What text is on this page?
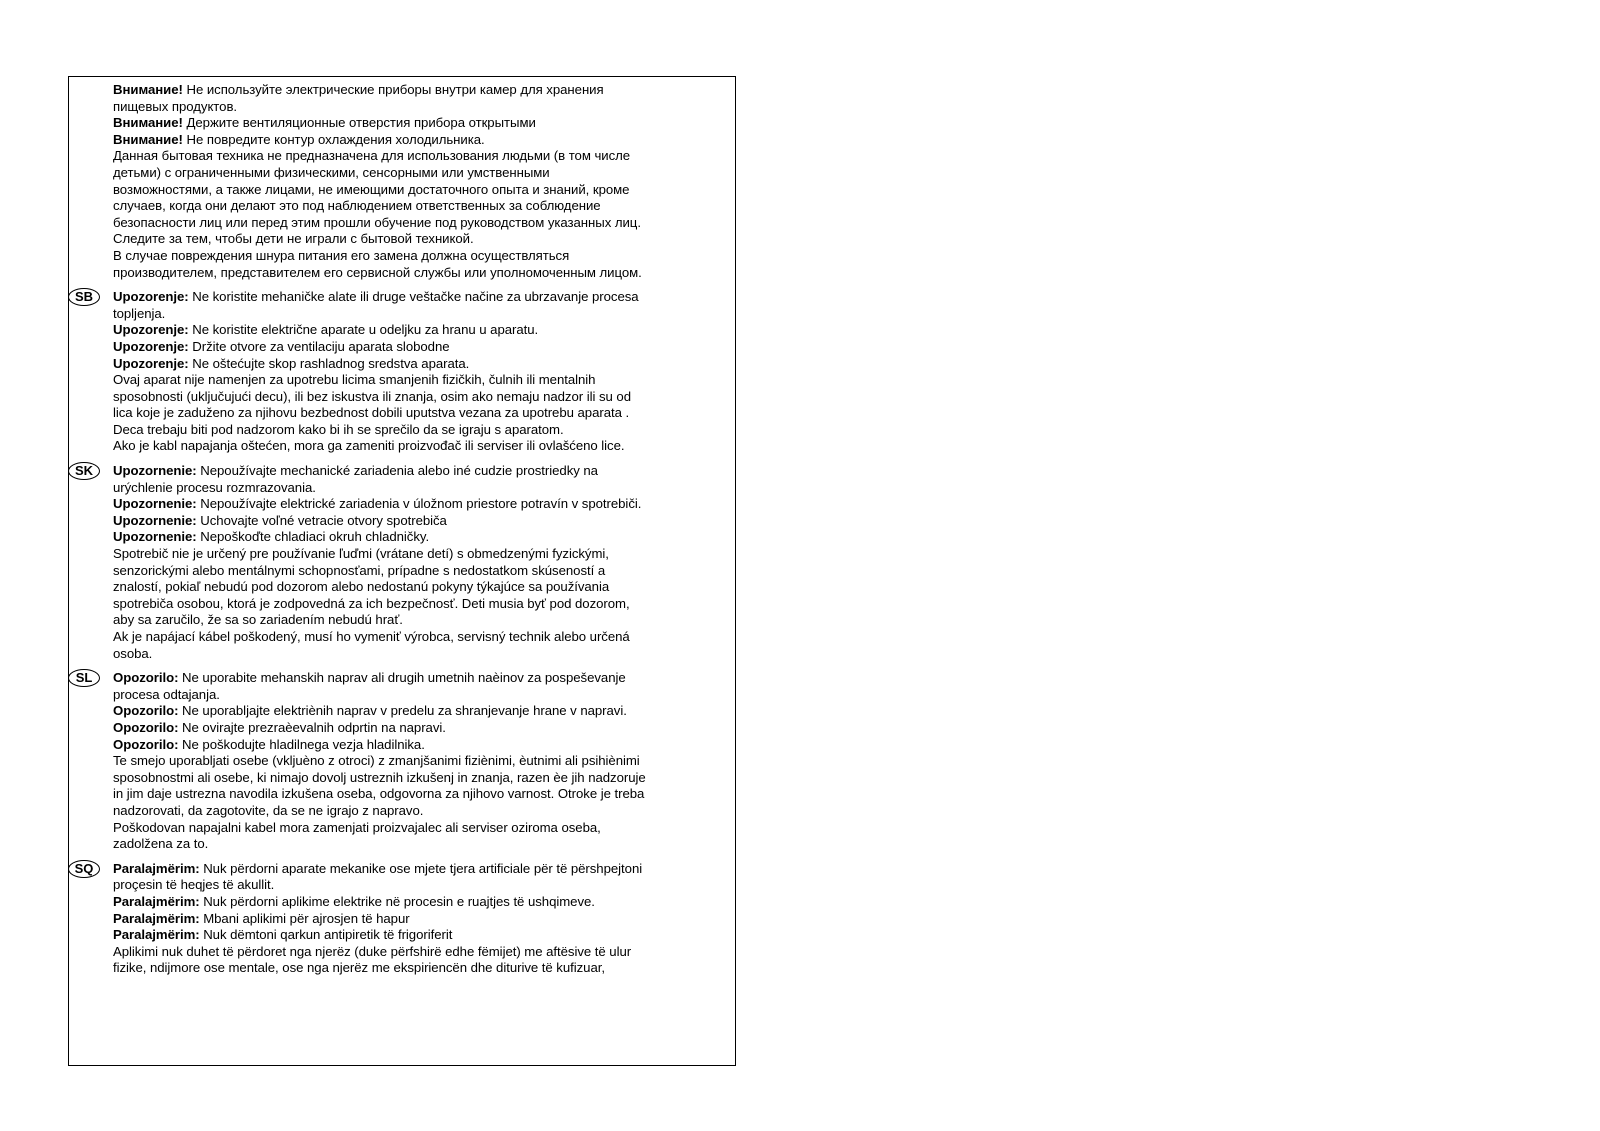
Внимание! Не используйте электрические приборы внутри камер для хранения

пищевых продуктов.

Внимание! Держите вентиляционные отверстия прибора открытыми

Внимание! Не повредите контур охлаждения холодильника.

Данная бытовая техника не предназначена для использования людьми (в том числе

детьми) с ограниченными физическими, сенсорными или умственными

возможностями, а также лицами, не имеющими достаточного опыта и знаний, кроме

случаев, когда они делают это под наблюдением ответственных за соблюдение

безопасности лиц или перед этим прошли обучение под руководством указанных лиц.

Следите за тем, чтобы дети не играли с бытовой техникой.

В случае повреждения шнура питания его замена должна осуществляться

производителем, представителем его сервисной службы или уполномоченным лицом.

SB	Upozorenje: Ne koristite mehaničke alate ili druge veštačke načine za ubrzavanje procesa

topljenja.

Upozorenje: Ne koristite električne aparate u odeljku za hranu u aparatu.

Upozorenje: Držite otvore za ventilaciju aparata slobodne

Upozorenje: Ne oštećujte skop rashladnog sredstva aparata.

Ovaj aparat nije namenjen za upotrebu licima smanjenih fizičkih, čulnih ili mentalnih

sposobnosti (uključujući decu), ili bez iskustva ili znanja, osim ako nemaju nadzor ili su od

lica koje je zaduženo za njihovu bezbednost dobili uputstva vezana za upotrebu aparata .

Deca trebaju biti pod nadzorom kako bi ih se sprečilo da se igraju s aparatom.

Ako je kabl napajanja oštećen, mora ga zameniti proizvođač ili serviser ili ovlašćeno lice.

SK	Upozornenie: Nepoužívajte mechanické zariadenia alebo iné cudzie prostriedky na

urýchlenie procesu rozmrazovania.

Upozornenie: Nepoužívajte elektrické zariadenia v úložnom priestore potravín v spotrebiči.

Upozornenie: Uchovajte voľné vetracie otvory spotrebiča

Upozornenie: Nepoškoďte chladiaci okruh chladničky.

Spotrebič nie je určený pre používanie ľuďmi (vrátane detí) s obmedzenými fyzickými,

senzorickými alebo mentálnymi schopnosťami, prípadne s nedostatkom skúseností a

znalostí, pokiaľ nebudú pod dozorom alebo nedostanú pokyny týkajúce sa používania

spotrebiča osobou, ktorá je zodpovedná za ich bezpečnosť. Deti musia byť pod dozorom,

aby sa zaručilo, že sa so zariadením nebudú hrať.

Ak je napájací kábel poškodený, musí ho vymeniť výrobca, servisný technik alebo určená

osoba.

SL	Opozorilo: Ne uporabite mehanskih naprav ali drugih umetnih naèinov za pospeševanje

procesa odtajanja.

Opozorilo: Ne uporabljajte elektriènih naprav v predelu za shranjevanje hrane v napravi.

Opozorilo: Ne ovirajte prezraèevalnih odprtin na napravi.

Opozorilo: Ne poškodujte hladilnega vezja hladilnika.

Te smejo uporabljati osebe (vkljuèno z otroci) z zmanjšanimi fiziènimi, èutnimi ali psihiènimi

sposobnostmi ali osebe, ki nimajo dovolj ustreznih izkušenj in znanja, razen èe jih nadzoruje

in jim daje ustrezna navodila izkušena oseba, odgovorna za njihovo varnost. Otroke je treba

nadzorovati, da zagotovite, da se ne igrajo z napravo.

Poškodovan napajalni kabel mora zamenjati proizvajalec ali serviser oziroma oseba,

zadolžena za to.

SQ	Paralajmërim: Nuk përdorni aparate mekanike ose mjete tjera artificiale për të përshpejtoni

proçesin të heqjes të akullit.

Paralajmërim: Nuk përdorni aplikime elektrike në procesin e ruajtjes të ushqimeve.

Paralajmërim: Mbani aplikimi për ajrosjen të hapur

Paralajmërim: Nuk dëmtoni qarkun antipiretik të frigoriferit

Aplikimi nuk duhet të përdoret nga njerëz (duke përfshirë edhe fëmijet) me aftësive të ulur

fizike, ndijmore ose mentale, ose nga njerëz me ekspiriencën dhe diturive të kufizuar,
